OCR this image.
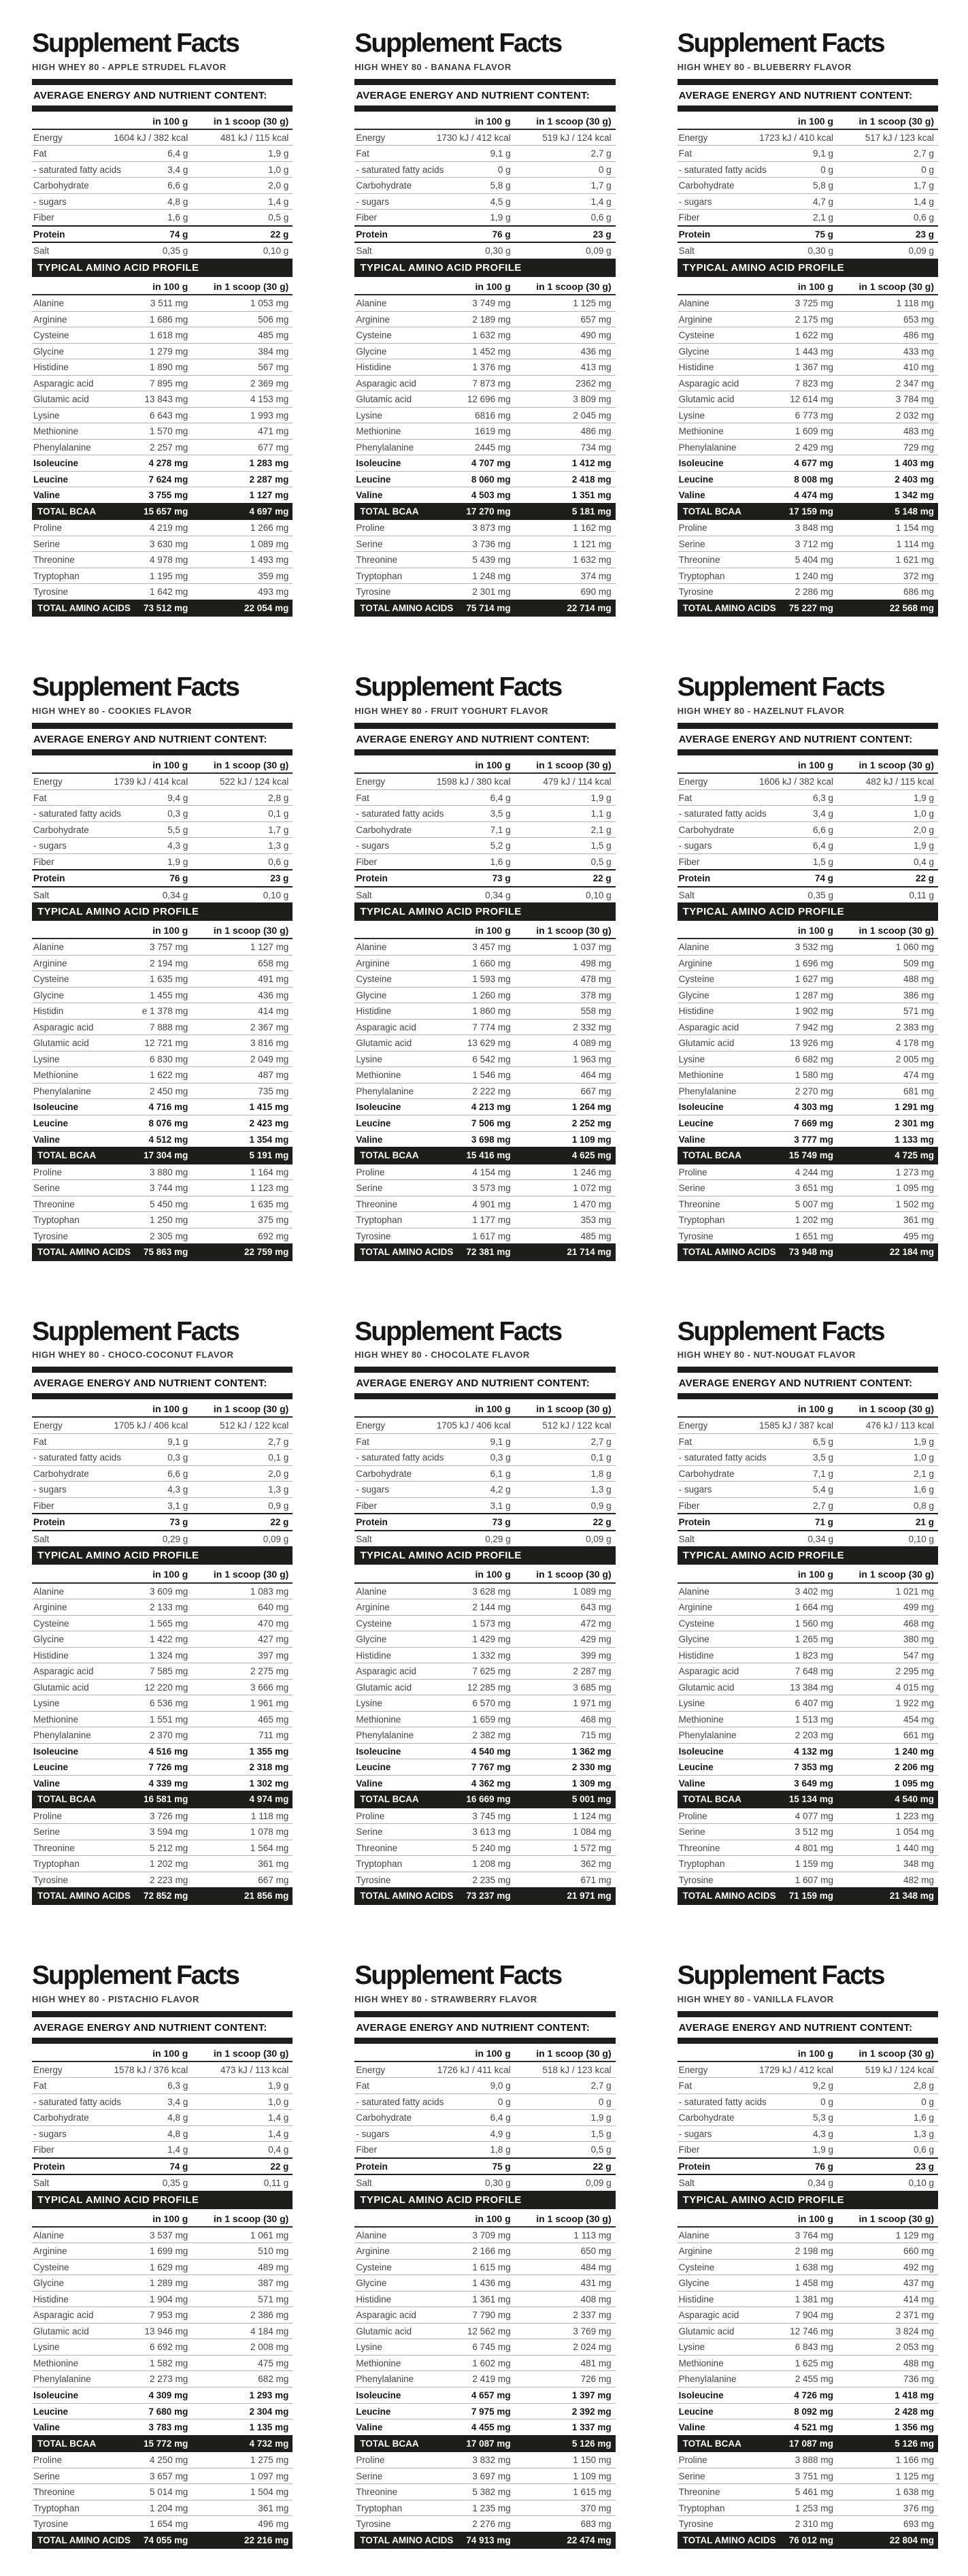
Supplement Facts
HIGH WHEY 80 - APPLE STRUDEL FLAVOR
AVERAGE ENERGY AND NUTRIENT CONTENT:
in 100 g	in 1 scoop (30 g)
Energy	1604 kJ / 382 kcal	481 kJ / 115 kcal
Fat	6,4 g	1,9 g
- saturated fatty acids	3,4 g	1,0 g
Carbohydrate	6,6 g	2,0 g
- sugars	4,8 g	1,4 g
Fiber	1,6 g	0,5 g
Protein	74 g	22 g
Salt	0,35 g	0,10 g
TYPICAL AMINO ACID PROFILE
in 100 g	in 1 scoop (30 g)
Alanine	3 511 mg	1 053 mg
Arginine	1 686 mg	506 mg
Cysteine	1 618 mg	485 mg
Glycine	1 279 mg	384 mg
Histidine	1 890 mg	567 mg
Asparagic acid	7 895 mg	2 369 mg
Glutamic acid	13 843 mg	4 153 mg
Lysine	6 643 mg	1 993 mg
Methionine	1 570 mg	471 mg
Phenylalanine	2 257 mg	677 mg
Isoleucine	4 278 mg	1 283 mg
Leucine	7 624 mg	2 287 mg
Valine	3 755 mg	1 127 mg
TOTAL BCAA	15 657 mg	4 697 mg
Proline	4 219 mg	1 266 mg
Serine	3 630 mg	1 089 mg
Threonine	4 978 mg	1 493 mg
Tryptophan	1 195 mg	359 mg
Tyrosine	1 642 mg	493 mg
TOTAL AMINO ACIDS	73 512 mg	22 054 mg
Supplement Facts
HIGH WHEY 80 - BANANA FLAVOR
AVERAGE ENERGY AND NUTRIENT CONTENT:
in 100 g	in 1 scoop (30 g)
Energy	1730 kJ / 412 kcal	519 kJ / 124 kcal
Fat	9,1 g	2,7 g
- saturated fatty acids	0 g	0 g
Carbohydrate	5,8 g	1,7 g
- sugars	4,5 g	1,4 g
Fiber	1,9 g	0,6 g
Protein	76 g	23 g
Salt	0,30 g	0,09 g
TYPICAL AMINO ACID PROFILE
in 100 g	in 1 scoop (30 g)
Alanine	3 749 mg	1 125 mg
Arginine	2 189 mg	657 mg
Cysteine	1 632 mg	490 mg
Glycine	1 452 mg	436 mg
Histidine	1 376 mg	413 mg
Asparagic acid	7 873 mg	2362 mg
Glutamic acid	12 696 mg	3 809 mg
Lysine	6816 mg	2 045 mg
Methionine	1619 mg	486 mg
Phenylalanine	2445 mg	734 mg
Isoleucine	4 707 mg	1 412 mg
Leucine	8 060 mg	2 418 mg
Valine	4 503 mg	1 351 mg
TOTAL BCAA	17 270 mg	5 181 mg
Proline	3 873 mg	1 162 mg
Serine	3 736 mg	1 121 mg
Threonine	5 439 mg	1 632 mg
Tryptophan	1 248 mg	374 mg
Tyrosine	2 301 mg	690 mg
TOTAL AMINO ACIDS	75 714 mg	22 714 mg
Supplement Facts
HIGH WHEY 80 - BLUEBERRY FLAVOR
AVERAGE ENERGY AND NUTRIENT CONTENT:
in 100 g	in 1 scoop (30 g)
Energy	1723 kJ / 410 kcal	517 kJ / 123 kcal
Fat	9,1 g	2,7 g
- saturated fatty acids	0 g	0 g
Carbohydrate	5,8 g	1,7 g
- sugars	4,7 g	1,4 g
Fiber	2,1 g	0,6 g
Protein	75 g	23 g
Salt	0,30 g	0,09 g
TYPICAL AMINO ACID PROFILE
in 100 g	in 1 scoop (30 g)
Alanine	3 725 mg	1 118 mg
Arginine	2 175 mg	653 mg
Cysteine	1 622 mg	486 mg
Glycine	1 443 mg	433 mg
Histidine	1 367 mg	410 mg
Asparagic acid	7 823 mg	2 347 mg
Glutamic acid	12 614 mg	3 784 mg
Lysine	6 773 mg	2 032 mg
Methionine	1 609 mg	483 mg
Phenylalanine	2 429 mg	729 mg
Isoleucine	4 677 mg	1 403 mg
Leucine	8 008 mg	2 403 mg
Valine	4 474 mg	1 342 mg
TOTAL BCAA	17 159 mg	5 148 mg
Proline	3 848 mg	1 154 mg
Serine	3 712 mg	1 114 mg
Threonine	5 404 mg	1 621 mg
Tryptophan	1 240 mg	372 mg
Tyrosine	2 286 mg	686 mg
TOTAL AMINO ACIDS	75 227 mg	22 568 mg
Supplement Facts
HIGH WHEY 80 - COOKIES FLAVOR
AVERAGE ENERGY AND NUTRIENT CONTENT:
in 100 g	in 1 scoop (30 g)
Energy	1739 kJ / 414 kcal	522 kJ / 124 kcal
Fat	9,4 g	2,8 g
- saturated fatty acids	0,3 g	0,1 g
Carbohydrate	5,5 g	1,7 g
- sugars	4,3 g	1,3 g
Fiber	1,9 g	0,6 g
Protein	76 g	23 g
Salt	0,34 g	0,10 g
TYPICAL AMINO ACID PROFILE
in 100 g	in 1 scoop (30 g)
Alanine	3 757 mg	1 127 mg
Arginine	2 194 mg	658 mg
Cysteine	1 635 mg	491 mg
Glycine	1 455 mg	436 mg
Histidin	e 1 378 mg	414 mg
Asparagic acid	7 888 mg	2 367 mg
Glutamic acid	12 721 mg	3 816 mg
Lysine	6 830 mg	2 049 mg
Methionine	1 622 mg	487 mg
Phenylalanine	2 450 mg	735 mg
Isoleucine	4 716 mg	1 415 mg
Leucine	8 076 mg	2 423 mg
Valine	4 512 mg	1 354 mg
TOTAL BCAA	17 304 mg	5 191 mg
Proline	3 880 mg	1 164 mg
Serine	3 744 mg	1 123 mg
Threonine	5 450 mg	1 635 mg
Tryptophan	1 250 mg	375 mg
Tyrosine	2 305 mg	692 mg
TOTAL AMINO ACIDS	75 863 mg	22 759 mg
Supplement Facts
HIGH WHEY 80 - FRUIT YOGHURT FLAVOR
AVERAGE ENERGY AND NUTRIENT CONTENT:
in 100 g	in 1 scoop (30 g)
Energy	1598 kJ / 380 kcal	479 kJ / 114 kcal
Fat	6,4 g	1,9 g
- saturated fatty acids	3,5 g	1,1 g
Carbohydrate	7,1 g	2,1 g
- sugars	5,2 g	1,5 g
Fiber	1,6 g	0,5 g
Protein	73 g	22 g
Salt	0,34 g	0,10 g
TYPICAL AMINO ACID PROFILE
in 100 g	in 1 scoop (30 g)
Alanine	3 457 mg	1 037 mg
Arginine	1 660 mg	498 mg
Cysteine	1 593 mg	478 mg
Glycine	1 260 mg	378 mg
Histidine	1 860 mg	558 mg
Asparagic acid	7 774 mg	2 332 mg
Glutamic acid	13 629 mg	4 089 mg
Lysine	6 542 mg	1 963 mg
Methionine	1 546 mg	464 mg
Phenylalanine	2 222 mg	667 mg
Isoleucine	4 213 mg	1 264 mg
Leucine	7 506 mg	2 252 mg
Valine	3 698 mg	1 109 mg
TOTAL BCAA	15 416 mg	4 625 mg
Proline	4 154 mg	1 246 mg
Serine	3 573 mg	1 072 mg
Threonine	4 901 mg	1 470 mg
Tryptophan	1 177 mg	353 mg
Tyrosine	1 617 mg	485 mg
TOTAL AMINO ACIDS	72 381 mg	21 714 mg
Supplement Facts
HIGH WHEY 80 - HAZELNUT FLAVOR
AVERAGE ENERGY AND NUTRIENT CONTENT:
in 100 g	in 1 scoop (30 g)
Energy	1606 kJ / 382 kcal	482 kJ / 115 kcal
Fat	6,3 g	1,9 g
- saturated fatty acids	3,4 g	1,0 g
Carbohydrate	6,6 g	2,0 g
- sugars	6,4 g	1,9 g
Fiber	1,5 g	0,4 g
Protein	74 g	22 g
Salt	0,35 g	0,11 g
TYPICAL AMINO ACID PROFILE
in 100 g	in 1 scoop (30 g)
Alanine	3 532 mg	1 060 mg
Arginine	1 696 mg	509 mg
Cysteine	1 627 mg	488 mg
Glycine	1 287 mg	386 mg
Histidine	1 902 mg	571 mg
Asparagic acid	7 942 mg	2 383 mg
Glutamic acid	13 926 mg	4 178 mg
Lysine	6 682 mg	2 005 mg
Methionine	1 580 mg	474 mg
Phenylalanine	2 270 mg	681 mg
Isoleucine	4 303 mg	1 291 mg
Leucine	7 669 mg	2 301 mg
Valine	3 777 mg	1 133 mg
TOTAL BCAA	15 749 mg	4 725 mg
Proline	4 244 mg	1 273 mg
Serine	3 651 mg	1 095 mg
Threonine	5 007 mg	1 502 mg
Tryptophan	1 202 mg	361 mg
Tyrosine	1 651 mg	495 mg
TOTAL AMINO ACIDS	73 948 mg	22 184 mg
Supplement Facts
HIGH WHEY 80 - CHOCO-COCONUT FLAVOR
AVERAGE ENERGY AND NUTRIENT CONTENT:
in 100 g	in 1 scoop (30 g)
Energy	1705 kJ / 406 kcal	512 kJ / 122 kcal
Fat	9,1 g	2,7 g
- saturated fatty acids	0,3 g	0,1 g
Carbohydrate	6,6 g	2,0 g
- sugars	4,3 g	1,3 g
Fiber	3,1 g	0,9 g
Protein	73 g	22 g
Salt	0,29 g	0,09 g
TYPICAL AMINO ACID PROFILE
in 100 g	in 1 scoop (30 g)
Alanine	3 609 mg	1 083 mg
Arginine	2 133 mg	640 mg
Cysteine	1 565 mg	470 mg
Glycine	1 422 mg	427 mg
Histidine	1 324 mg	397 mg
Asparagic acid	7 585 mg	2 275 mg
Glutamic acid	12 220 mg	3 666 mg
Lysine	6 536 mg	1 961 mg
Methionine	1 551 mg	465 mg
Phenylalanine	2 370 mg	711 mg
Isoleucine	4 516 mg	1 355 mg
Leucine	7 726 mg	2 318 mg
Valine	4 339 mg	1 302 mg
TOTAL BCAA	16 581 mg	4 974 mg
Proline	3 726 mg	1 118 mg
Serine	3 594 mg	1 078 mg
Threonine	5 212 mg	1 564 mg
Tryptophan	1 202 mg	361 mg
Tyrosine	2 223 mg	667 mg
TOTAL AMINO ACIDS	72 852 mg	21 856 mg
Supplement Facts
HIGH WHEY 80 - CHOCOLATE FLAVOR
AVERAGE ENERGY AND NUTRIENT CONTENT:
in 100 g	in 1 scoop (30 g)
Energy	1705 kJ / 406 kcal	512 kJ / 122 kcal
Fat	9,1 g	2,7 g
- saturated fatty acids	0,3 g	0,1 g
Carbohydrate	6,1 g	1,8 g
- sugars	4,2 g	1,3 g
Fiber	3,1 g	0,9 g
Protein	73 g	22 g
Salt	0,29 g	0,09 g
TYPICAL AMINO ACID PROFILE
in 100 g	in 1 scoop (30 g)
Alanine	3 628 mg	1 089 mg
Arginine	2 144 mg	643 mg
Cysteine	1 573 mg	472 mg
Glycine	1 429 mg	429 mg
Histidine	1 332 mg	399 mg
Asparagic acid	7 625 mg	2 287 mg
Glutamic acid	12 285 mg	3 685 mg
Lysine	6 570 mg	1 971 mg
Methionine	1 659 mg	468 mg
Phenylalanine	2 382 mg	715 mg
Isoleucine	4 540 mg	1 362 mg
Leucine	7 767 mg	2 330 mg
Valine	4 362 mg	1 309 mg
TOTAL BCAA	16 669 mg	5 001 mg
Proline	3 745 mg	1 124 mg
Serine	3 613 mg	1 084 mg
Threonine	5 240 mg	1 572 mg
Tryptophan	1 208 mg	362 mg
Tyrosine	2 235 mg	671 mg
TOTAL AMINO ACIDS	73 237 mg	21 971 mg
Supplement Facts
HIGH WHEY 80 - NUT-NOUGAT FLAVOR
AVERAGE ENERGY AND NUTRIENT CONTENT:
in 100 g	in 1 scoop (30 g)
Energy	1585 kJ / 387 kcal	476 kJ / 113 kcal
Fat	6,5 g	1,9 g
- saturated fatty acids	3,5 g	1,0 g
Carbohydrate	7,1 g	2,1 g
- sugars	5,4 g	1,6 g
Fiber	2,7 g	0,8 g
Protein	71 g	21 g
Salt	0,34 g	0,10 g
TYPICAL AMINO ACID PROFILE
in 100 g	in 1 scoop (30 g)
Alanine	3 402 mg	1 021 mg
Arginine	1 664 mg	499 mg
Cysteine	1 560 mg	468 mg
Glycine	1 265 mg	380 mg
Histidine	1 823 mg	547 mg
Asparagic acid	7 648 mg	2 295 mg
Glutamic acid	13 384 mg	4 015 mg
Lysine	6 407 mg	1 922 mg
Methionine	1 513 mg	454 mg
Phenylalanine	2 203 mg	661 mg
Isoleucine	4 132 mg	1 240 mg
Leucine	7 353 mg	2 206 mg
Valine	3 649 mg	1 095 mg
TOTAL BCAA	15 134 mg	4 540 mg
Proline	4 077 mg	1 223 mg
Serine	3 512 mg	1 054 mg
Threonine	4 801 mg	1 440 mg
Tryptophan	1 159 mg	348 mg
Tyrosine	1 607 mg	482 mg
TOTAL AMINO ACIDS	71 159 mg	21 348 mg
Supplement Facts
HIGH WHEY 80 - PISTACHIO FLAVOR
AVERAGE ENERGY AND NUTRIENT CONTENT:
in 100 g	in 1 scoop (30 g)
Energy	1578 kJ / 376 kcal	473 kJ / 113 kcal
Fat	6,3 g	1,9 g
- saturated fatty acids	3,4 g	1,0 g
Carbohydrate	4,8 g	1,4 g
- sugars	4,8 g	1,4 g
Fiber	1,4 g	0,4 g
Protein	74 g	22 g
Salt	0,35 g	0,11 g
TYPICAL AMINO ACID PROFILE
in 100 g	in 1 scoop (30 g)
Alanine	3 537 mg	1 061 mg
Arginine	1 699 mg	510 mg
Cysteine	1 629 mg	489 mg
Glycine	1 289 mg	387 mg
Histidine	1 904 mg	571 mg
Asparagic acid	7 953 mg	2 386 mg
Glutamic acid	13 946 mg	4 184 mg
Lysine	6 692 mg	2 008 mg
Methionine	1 582 mg	475 mg
Phenylalanine	2 273 mg	682 mg
Isoleucine	4 309 mg	1 293 mg
Leucine	7 680 mg	2 304 mg
Valine	3 783 mg	1 135 mg
TOTAL BCAA	15 772 mg	4 732 mg
Proline	4 250 mg	1 275 mg
Serine	3 657 mg	1 097 mg
Threonine	5 014 mg	1 504 mg
Tryptophan	1 204 mg	361 mg
Tyrosine	1 654 mg	496 mg
TOTAL AMINO ACIDS	74 055 mg	22 216 mg
Supplement Facts
HIGH WHEY 80 - STRAWBERRY FLAVOR
AVERAGE ENERGY AND NUTRIENT CONTENT:
in 100 g	in 1 scoop (30 g)
Energy	1726 kJ / 411 kcal	518 kJ / 123 kcal
Fat	9,0 g	2,7 g
- saturated fatty acids	0 g	0 g
Carbohydrate	6,4 g	1,9 g
- sugars	4,9 g	1,5 g
Fiber	1,8 g	0,5 g
Protein	75 g	22 g
Salt	0,30 g	0,09 g
TYPICAL AMINO ACID PROFILE
in 100 g	in 1 scoop (30 g)
Alanine	3 709 mg	1 113 mg
Arginine	2 166 mg	650 mg
Cysteine	1 615 mg	484 mg
Glycine	1 436 mg	431 mg
Histidine	1 361 mg	408 mg
Asparagic acid	7 790 mg	2 337 mg
Glutamic acid	12 562 mg	3 769 mg
Lysine	6 745 mg	2 024 mg
Methionine	1 602 mg	481 mg
Phenylalanine	2 419 mg	726 mg
Isoleucine	4 657 mg	1 397 mg
Leucine	7 975 mg	2 392 mg
Valine	4 455 mg	1 337 mg
TOTAL BCAA	17 087 mg	5 126 mg
Proline	3 832 mg	1 150 mg
Serine	3 697 mg	1 109 mg
Threonine	5 382 mg	1 615 mg
Tryptophan	1 235 mg	370 mg
Tyrosine	2 276 mg	683 mg
TOTAL AMINO ACIDS	74 913 mg	22 474 mg
Supplement Facts
HIGH WHEY 80 - VANILLA FLAVOR
AVERAGE ENERGY AND NUTRIENT CONTENT:
in 100 g	in 1 scoop (30 g)
Energy	1729 kJ / 412 kcal	519 kJ / 124 kcal
Fat	9,2 g	2,8 g
- saturated fatty acids	0 g	0 g
Carbohydrate	5,3 g	1,6 g
- sugars	4,3 g	1,3 g
Fiber	1,9 g	0,6 g
Protein	76 g	23 g
Salt	0,34 g	0,10 g
TYPICAL AMINO ACID PROFILE
in 100 g	in 1 scoop (30 g)
Alanine	3 764 mg	1 129 mg
Arginine	2 198 mg	660 mg
Cysteine	1 638 mg	492 mg
Glycine	1 458 mg	437 mg
Histidine	1 381 mg	414 mg
Asparagic acid	7 904 mg	2 371 mg
Glutamic acid	12 746 mg	3 824 mg
Lysine	6 843 mg	2 053 mg
Methionine	1 625 mg	488 mg
Phenylalanine	2 455 mg	736 mg
Isoleucine	4 726 mg	1 418 mg
Leucine	8 092 mg	2 428 mg
Valine	4 521 mg	1 356 mg
TOTAL BCAA	17 087 mg	5 126 mg
Proline	3 888 mg	1 166 mg
Serine	3 751 mg	1 125 mg
Threonine	5 461 mg	1 638 mg
Tryptophan	1 253 mg	376 mg
Tyrosine	2 310 mg	693 mg
TOTAL AMINO ACIDS	76 012 mg	22 804 mg
